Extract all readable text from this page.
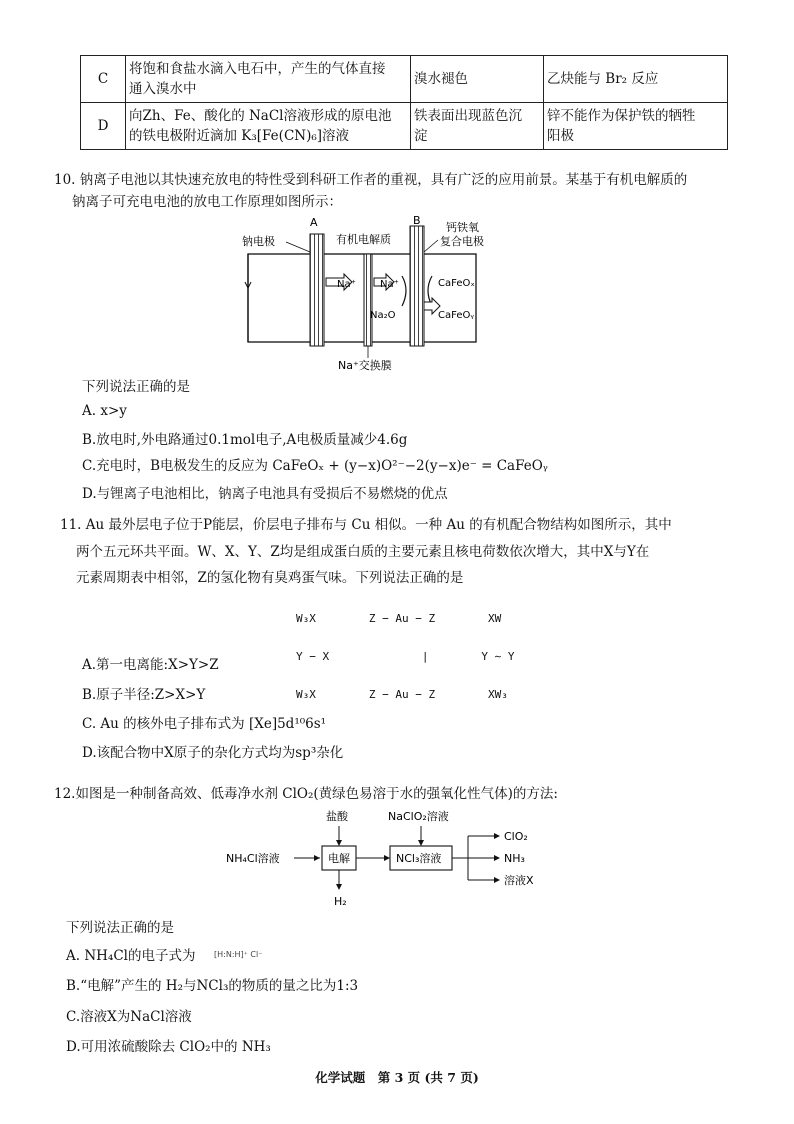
C	将饱和食盐水滴入电石中，产生的气体直接
通入溴水中	溴水褪色	乙炔能与 Br₂ 反应
D	向Zh、Fe、酸化的 NaCl溶液形成的原电池
的铁电极附近滴加 K₃[Fe(CN)₆]溶液	铁表面出现蓝色沉
淀	锌不能作为保护铁的牺牲
阳极
10. 钠离子电池以其快速充放电的特性受到科研工作者的重视，具有广泛的应用前景。某基于有机电解质的
钠离子可充电电池的放电工作原理如图所示：
A	B
钠电极	有机电解质
钙铁氧
复合电极
Na⁺ Na⁺
Na₂O
CaFeOₓ
CaFeOᵧ
Na⁺交换膜
下列说法正确的是
A. x>y
B.放电时,外电路通过0.1mol电子,A电极质量减少4.6g
C.充电时，B电极发生的反应为 CaFeOₓ + (y−x)O²⁻−2(y−x)e⁻ = CaFeOᵧ
D.与锂离子电池相比，钠离子电池具有受损后不易燃烧的优点
11. Au 最外层电子位于P能层，价层电子排布与 Cu 相似。一种 Au 的有机配合物结构如图所示，其中
两个五元环共平面。W、X、Y、Z均是组成蛋白质的主要元素且核电荷数依次增大，其中X与Y在
元素周期表中相邻，Z的氢化物有臭鸡蛋气味。下列说法正确的是

W₃X        Z − Au − Z        XW

Y − X              |        Y ∼ Y

W₃X        Z − Au − Z        XW₃

A.第一电离能:X>Y>Z
B.原子半径:Z>X>Y
C. Au 的核外电子排布式为 [Xe]5d¹⁰6s¹
D.该配合物中X原子的杂化方式均为sp³杂化
12.如图是一种制备高效、低毒净水剂 ClO₂(黄绿色易溶于水的强氧化性气体)的方法:
盐酸	NaClO₂溶液
NH₄Cl溶液	电解
H₂
NCl₃溶液
ClO₂
NH₃
溶液X
下列说法正确的是
A. NH₄Cl的电子式为 [H:N:H]⁺ Cl⁻
B.“电解”产生的 H₂与NCl₃的物质的量之比为1:3
C.溶液X为NaCl溶液
D.可用浓硫酸除去 ClO₂中的 NH₃
化学试题　第 3 页 (共 7 页)
